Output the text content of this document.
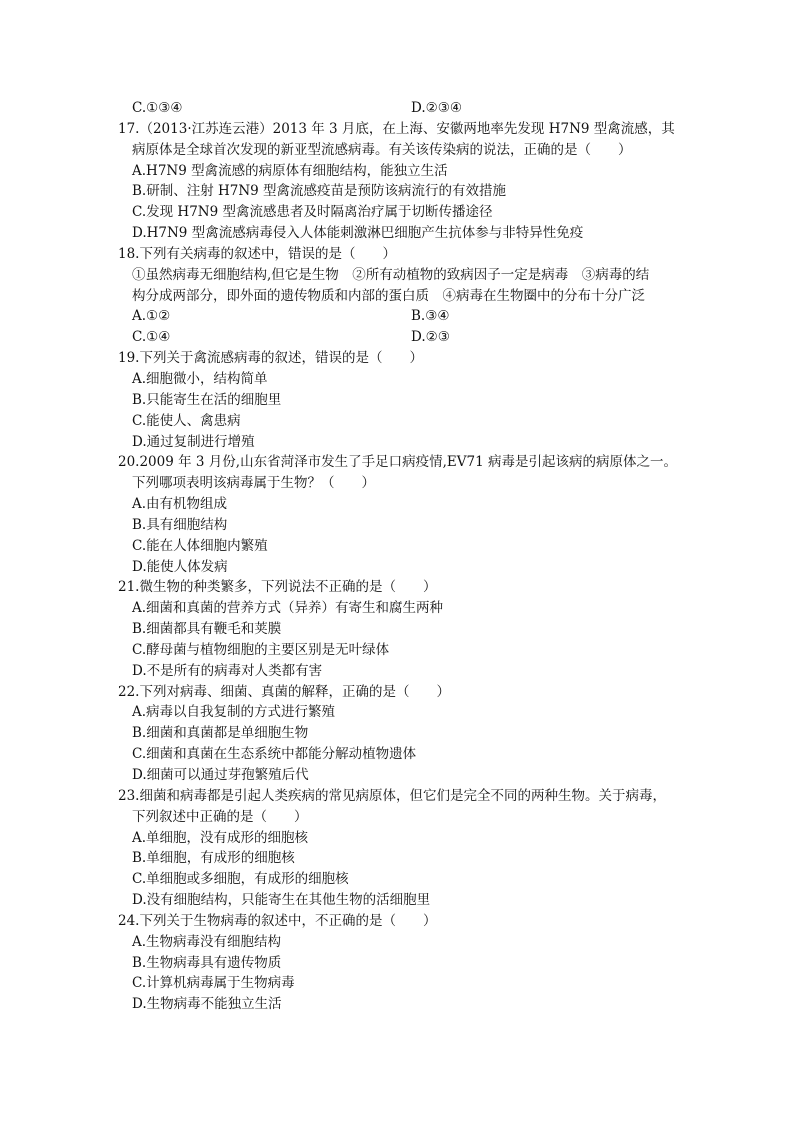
C.①③④	D.②③④
17.（2013·江苏连云港）2013 年 3 月底，在上海、安徽两地率先发现 H7N9 型禽流感，其
病原体是全球首次发现的新亚型流感病毒。有关该传染病的说法，正确的是（　　）
A.H7N9 型禽流感的病原体有细胞结构，能独立生活
B.研制、注射 H7N9 型禽流感疫苗是预防该病流行的有效措施
C.发现 H7N9 型禽流感患者及时隔离治疗属于切断传播途径
D.H7N9 型禽流感病毒侵入人体能刺激淋巴细胞产生抗体参与非特异性免疫
18.下列有关病毒的叙述中，错误的是（　　）
①虽然病毒无细胞结构,但它是生物　②所有动植物的致病因子一定是病毒　③病毒的结
构分成两部分，即外面的遗传物质和内部的蛋白质　④病毒在生物圈中的分布十分广泛
A.①②	B.③④
C.①④	D.②③
19.下列关于禽流感病毒的叙述，错误的是（　　）
A.细胞微小，结构简单
B.只能寄生在活的细胞里
C.能使人、禽患病
D.通过复制进行增殖
20.2009 年 3 月份,山东省菏泽市发生了手足口病疫情,EV71 病毒是引起该病的病原体之一。
下列哪项表明该病毒属于生物？（　　）
A.由有机物组成
B.具有细胞结构
C.能在人体细胞内繁殖
D.能使人体发病
21.微生物的种类繁多，下列说法不正确的是（　　）
A.细菌和真菌的营养方式（异养）有寄生和腐生两种
B.细菌都具有鞭毛和荚膜
C.酵母菌与植物细胞的主要区别是无叶绿体
D.不是所有的病毒对人类都有害
22.下列对病毒、细菌、真菌的解释，正确的是（　　）
A.病毒以自我复制的方式进行繁殖
B.细菌和真菌都是单细胞生物
C.细菌和真菌在生态系统中都能分解动植物遗体
D.细菌可以通过芽孢繁殖后代
23.细菌和病毒都是引起人类疾病的常见病原体，但它们是完全不同的两种生物。关于病毒，
下列叙述中正确的是（　　）
A.单细胞，没有成形的细胞核
B.单细胞，有成形的细胞核
C.单细胞或多细胞，有成形的细胞核
D.没有细胞结构，只能寄生在其他生物的活细胞里
24.下列关于生物病毒的叙述中，不正确的是（　　）
A.生物病毒没有细胞结构
B.生物病毒具有遗传物质
C.计算机病毒属于生物病毒
D.生物病毒不能独立生活
